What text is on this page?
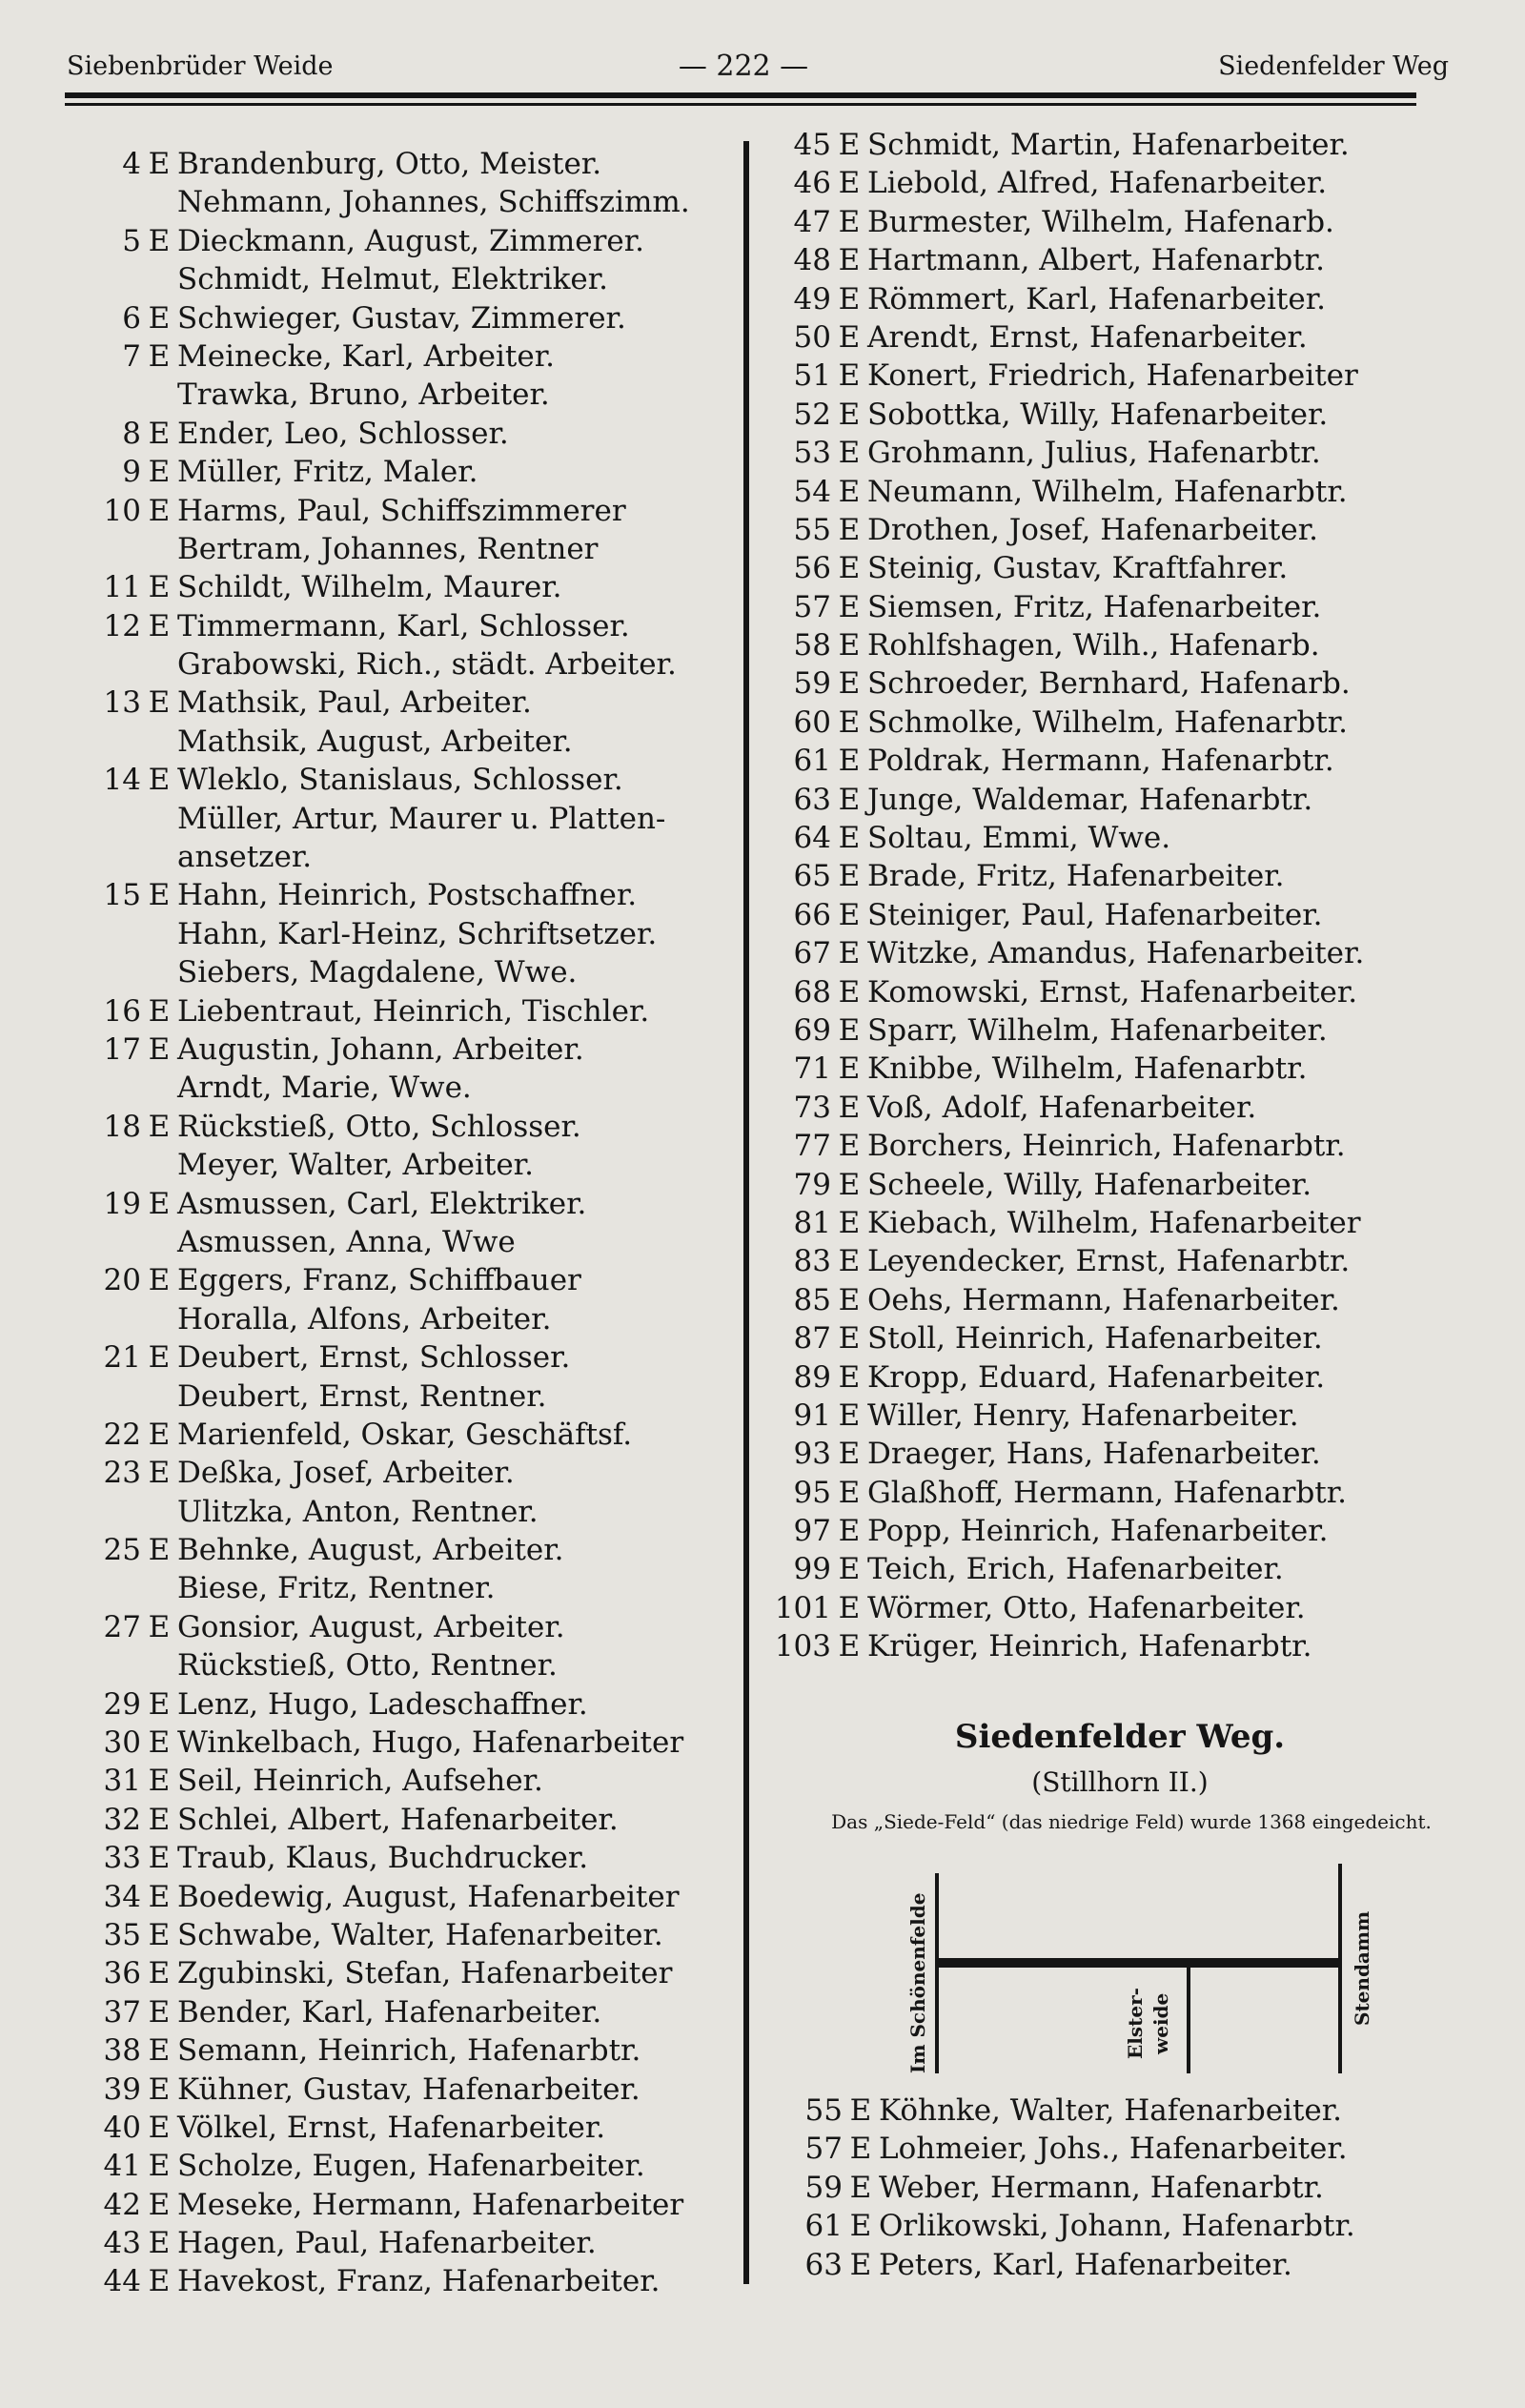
Siebenbrüder Weide	— 222 —	Siedenfelder Weg
4 E Brandenburg, Otto, Meister.
Nehmann, Johannes, Schiffszimm.
5 E Dieckmann, August, Zimmerer.
Schmidt, Helmut, Elektriker.
6 E Schwieger, Gustav, Zimmerer.
7 E Meinecke, Karl, Arbeiter.
Trawka, Bruno, Arbeiter.
8 E Ender, Leo, Schlosser.
9 E Müller, Fritz, Maler.
10 E Harms, Paul, Schiffszimmerer
Bertram, Johannes, Rentner
11 E Schildt, Wilhelm, Maurer.
12 E Timmermann, Karl, Schlosser.
Grabowski, Rich., städt. Arbeiter.
13 E Mathsik, Paul, Arbeiter.
Mathsik, August, Arbeiter.
14 E Wleklo, Stanislaus, Schlosser.
Müller, Artur, Maurer u. Platten-
ansetzer.
15 E Hahn, Heinrich, Postschaffner.
Hahn, Karl-Heinz, Schriftsetzer.
Siebers, Magdalene, Wwe.
16 E Liebentraut, Heinrich, Tischler.
17 E Augustin, Johann, Arbeiter.
Arndt, Marie, Wwe.
18 E Rückstieß, Otto, Schlosser.
Meyer, Walter, Arbeiter.
19 E Asmussen, Carl, Elektriker.
Asmussen, Anna, Wwe
20 E Eggers, Franz, Schiffbauer
Horalla, Alfons, Arbeiter.
21 E Deubert, Ernst, Schlosser.
Deubert, Ernst, Rentner.
22 E Marienfeld, Oskar, Geschäftsf.
23 E Deßka, Josef, Arbeiter.
Ulitzka, Anton, Rentner.
25 E Behnke, August, Arbeiter.
Biese, Fritz, Rentner.
27 E Gonsior, August, Arbeiter.
Rückstieß, Otto, Rentner.
29 E Lenz, Hugo, Ladeschaffner.
30 E Winkelbach, Hugo, Hafenarbeiter
31 E Seil, Heinrich, Aufseher.
32 E Schlei, Albert, Hafenarbeiter.
33 E Traub, Klaus, Buchdrucker.
34 E Boedewig, August, Hafenarbeiter
35 E Schwabe, Walter, Hafenarbeiter.
36 E Zgubinski, Stefan, Hafenarbeiter
37 E Bender, Karl, Hafenarbeiter.
38 E Semann, Heinrich, Hafenarbtr.
39 E Kühner, Gustav, Hafenarbeiter.
40 E Völkel, Ernst, Hafenarbeiter.
41 E Scholze, Eugen, Hafenarbeiter.
42 E Meseke, Hermann, Hafenarbeiter
43 E Hagen, Paul, Hafenarbeiter.
44 E Havekost, Franz, Hafenarbeiter.
45 E Schmidt, Martin, Hafenarbeiter.
46 E Liebold, Alfred, Hafenarbeiter.
47 E Burmester, Wilhelm, Hafenarb.
48 E Hartmann, Albert, Hafenarbtr.
49 E Römmert, Karl, Hafenarbeiter.
50 E Arendt, Ernst, Hafenarbeiter.
51 E Konert, Friedrich, Hafenarbeiter
52 E Sobottka, Willy, Hafenarbeiter.
53 E Grohmann, Julius, Hafenarbtr.
54 E Neumann, Wilhelm, Hafenarbtr.
55 E Drothen, Josef, Hafenarbeiter.
56 E Steinig, Gustav, Kraftfahrer.
57 E Siemsen, Fritz, Hafenarbeiter.
58 E Rohlfshagen, Wilh., Hafenarb.
59 E Schroeder, Bernhard, Hafenarb.
60 E Schmolke, Wilhelm, Hafenarbtr.
61 E Poldrak, Hermann, Hafenarbtr.
63 E Junge, Waldemar, Hafenarbtr.
64 E Soltau, Emmi, Wwe.
65 E Brade, Fritz, Hafenarbeiter.
66 E Steiniger, Paul, Hafenarbeiter.
67 E Witzke, Amandus, Hafenarbeiter.
68 E Komowski, Ernst, Hafenarbeiter.
69 E Sparr, Wilhelm, Hafenarbeiter.
71 E Knibbe, Wilhelm, Hafenarbtr.
73 E Voß, Adolf, Hafenarbeiter.
77 E Borchers, Heinrich, Hafenarbtr.
79 E Scheele, Willy, Hafenarbeiter.
81 E Kiebach, Wilhelm, Hafenarbeiter
83 E Leyendecker, Ernst, Hafenarbtr.
85 E Oehs, Hermann, Hafenarbeiter.
87 E Stoll, Heinrich, Hafenarbeiter.
89 E Kropp, Eduard, Hafenarbeiter.
91 E Willer, Henry, Hafenarbeiter.
93 E Draeger, Hans, Hafenarbeiter.
95 E Glaßhoff, Hermann, Hafenarbtr.
97 E Popp, Heinrich, Hafenarbeiter.
99 E Teich, Erich, Hafenarbeiter.
101 E Wörmer, Otto, Hafenarbeiter.
103 E Krüger, Heinrich, Hafenarbtr.
Siedenfelder Weg.
(Stillhorn II.)
Das „Siede-Feld“ (das niedrige Feld) wurde 1368 eingedeicht.
Im Schönenfelde	Elster- weide	Stendamm
55 E Köhnke, Walter, Hafenarbeiter.
57 E Lohmeier, Johs., Hafenarbeiter.
59 E Weber, Hermann, Hafenarbtr.
61 E Orlikowski, Johann, Hafenarbtr.
63 E Peters, Karl, Hafenarbeiter.
